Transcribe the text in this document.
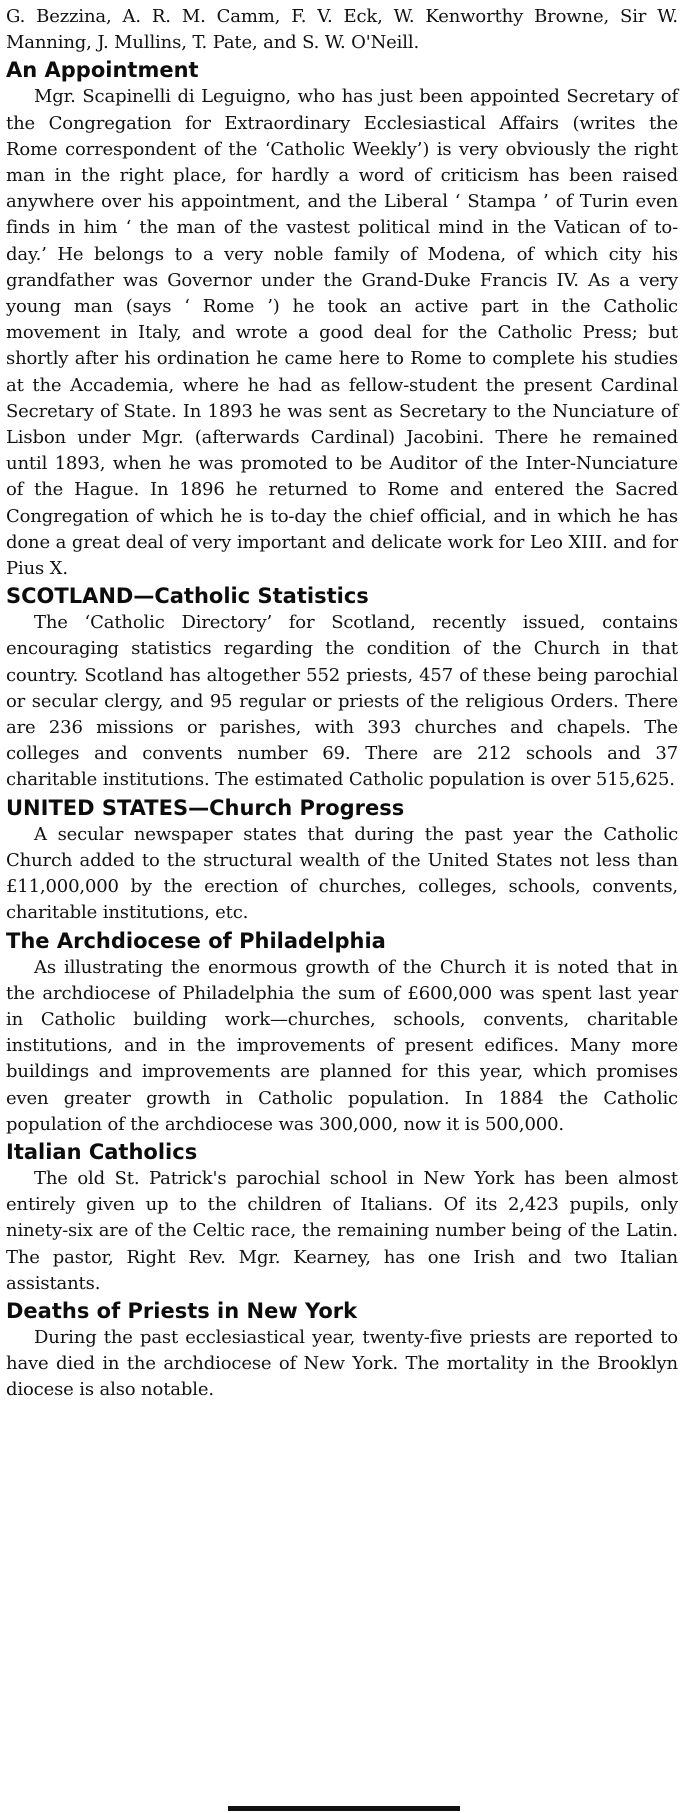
G. Bezzina, A. R. M. Camm, F. V. Eck, W. Kenworthy Browne, Sir W. Manning, J. Mullins, T. Pate, and S. W. O'Neill.

An Appointment

Mgr. Scapinelli di Leguigno, who has just been appointed Secretary of the Congregation for Extraordinary Ecclesiastical Affairs (writes the Rome correspondent of the ‘Catholic Weekly’) is very obviously the right man in the right place, for hardly a word of criticism has been raised anywhere over his appointment, and the Liberal ‘ Stampa ’ of Turin even finds in him ‘ the man of the vastest political mind in the Vatican of to-day.’ He belongs to a very noble family of Modena, of which city his grandfather was Governor under the Grand-Duke Francis IV. As a very young man (says ‘ Rome ’) he took an active part in the Catholic movement in Italy, and wrote a good deal for the Catholic Press; but shortly after his ordination he came here to Rome to complete his studies at the Accademia, where he had as fellow-student the present Cardinal Secretary of State. In 1893 he was sent as Secretary to the Nunciature of Lisbon under Mgr. (afterwards Cardinal) Jacobini. There he remained until 1893, when he was promoted to be Auditor of the Inter-Nunciature of the Hague. In 1896 he returned to Rome and entered the Sacred Congregation of which he is to-day the chief official, and in which he has done a great deal of very important and delicate work for Leo XIII. and for Pius X.

SCOTLAND—Catholic Statistics

The ‘Catholic Directory’ for Scotland, recently issued, contains encouraging statistics regarding the condition of the Church in that country. Scotland has altogether 552 priests, 457 of these being parochial or secular clergy, and 95 regular or priests of the religious Orders. There are 236 missions or parishes, with 393 churches and chapels. The colleges and convents number 69. There are 212 schools and 37 charitable institutions. The estimated Catholic population is over 515,625.

UNITED STATES—Church Progress

A secular newspaper states that during the past year the Catholic Church added to the structural wealth of the United States not less than £11,000,000 by the erection of churches, colleges, schools, convents, charitable institutions, etc.

The Archdiocese of Philadelphia

As illustrating the enormous growth of the Church it is noted that in the archdiocese of Philadelphia the sum of £600,000 was spent last year in Catholic building work—churches, schools, convents, charitable institutions, and in the improvements of present edifices. Many more buildings and improvements are planned for this year, which promises even greater growth in Catholic population. In 1884 the Catholic population of the archdiocese was 300,000, now it is 500,000.

Italian Catholics

The old St. Patrick's parochial school in New York has been almost entirely given up to the children of Italians. Of its 2,423 pupils, only ninety-six are of the Celtic race, the remaining number being of the Latin. The pastor, Right Rev. Mgr. Kearney, has one Irish and two Italian assistants.

Deaths of Priests in New York

During the past ecclesiastical year, twenty-five priests are reported to have died in the archdiocese of New York. The mortality in the Brooklyn diocese is also notable.
